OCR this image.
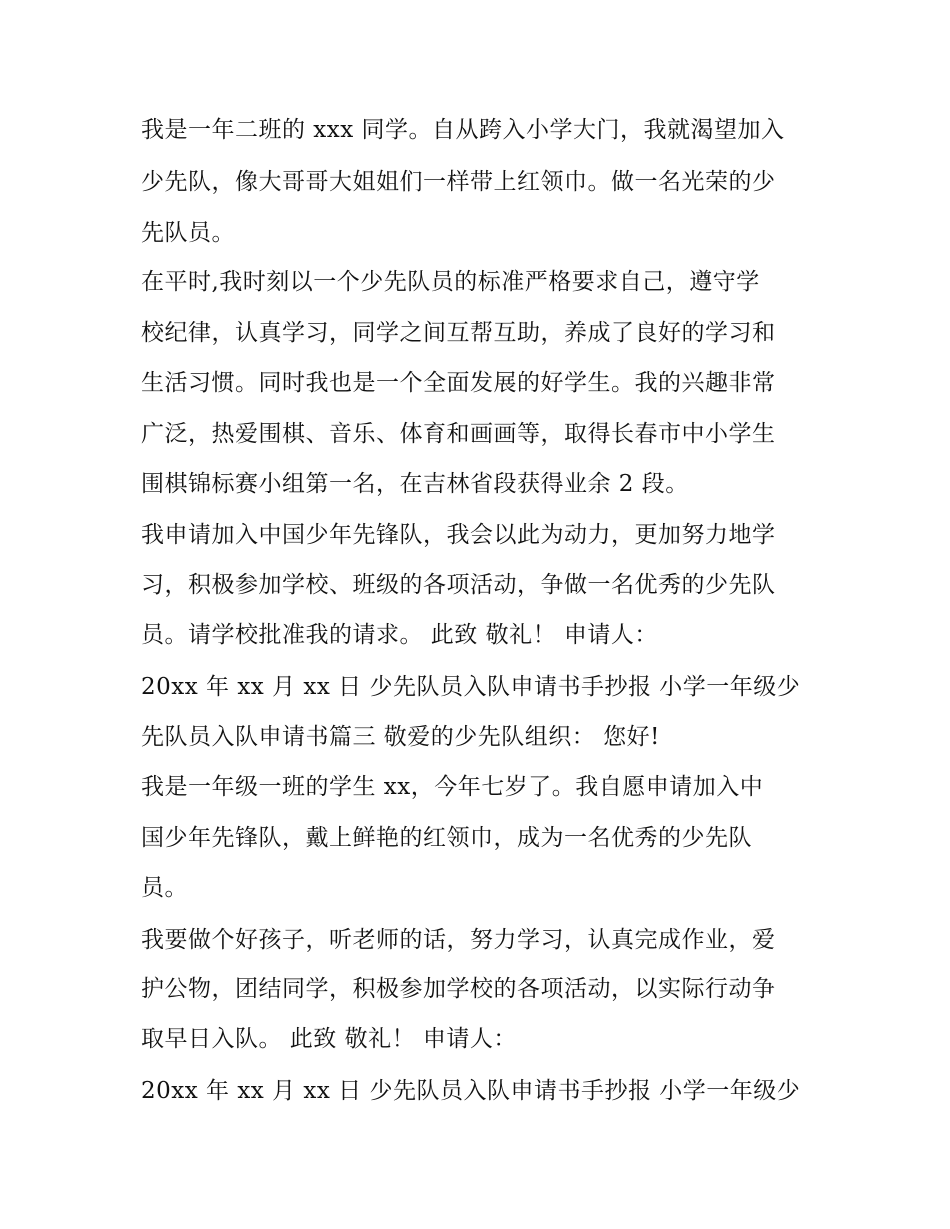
我是一年二班的 xxx 同学。自从跨入小学大门，我就渴望加入
少先队，像大哥哥大姐姐们一样带上红领巾。做一名光荣的少
先队员。
在平时,我时刻以一个少先队员的标准严格要求自己，遵守学
校纪律，认真学习，同学之间互帮互助，养成了良好的学习和
生活习惯。同时我也是一个全面发展的好学生。我的兴趣非常
广泛，热爱围棋、音乐、体育和画画等，取得长春市中小学生
围棋锦标赛小组第一名，在吉林省段获得业余 2 段。
我申请加入中国少年先锋队，我会以此为动力，更加努力地学
习，积极参加学校、班级的各项活动，争做一名优秀的少先队
员。请学校批准我的请求。 此致 敬礼！ 申请人：
20xx 年 xx 月 xx 日 少先队员入队申请书手抄报 小学一年级少
先队员入队申请书篇三 敬爱的少先队组织： 您好!
我是一年级一班的学生 xx，今年七岁了。我自愿申请加入中
国少年先锋队，戴上鲜艳的红领巾，成为一名优秀的少先队
员。
我要做个好孩子，听老师的话，努力学习，认真完成作业，爱
护公物，团结同学，积极参加学校的各项活动，以实际行动争
取早日入队。 此致 敬礼！ 申请人：
20xx 年 xx 月 xx 日 少先队员入队申请书手抄报 小学一年级少
